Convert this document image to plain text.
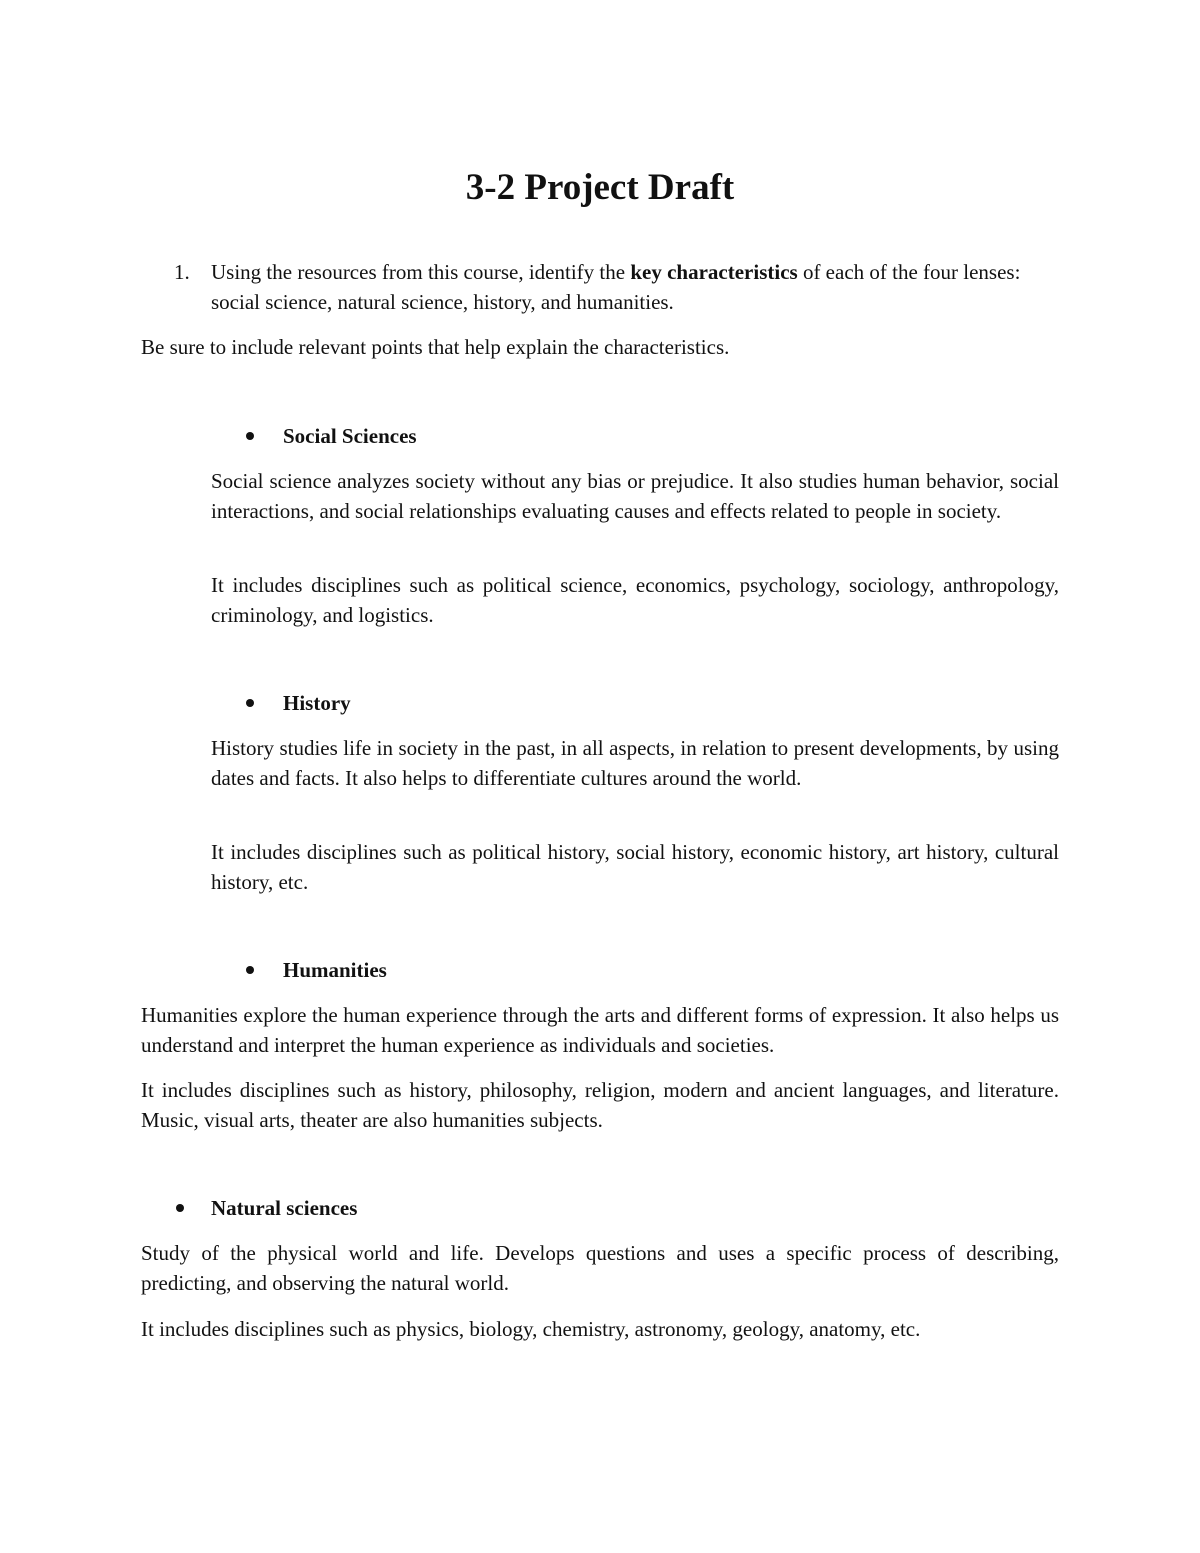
3-2 Project Draft
1. Using the resources from this course, identify the key characteristics of each of the four lenses: social science, natural science, history, and humanities.

Be sure to include relevant points that help explain the characteristics.

Social Sciences

Social science analyzes society without any bias or prejudice. It also studies human behavior, social interactions, and social relationships evaluating causes and effects related to people in society.

It includes disciplines such as political science, economics, psychology, sociology, anthropology, criminology, and logistics.

History

History studies life in society in the past, in all aspects, in relation to present developments, by using dates and facts. It also helps to differentiate cultures around the world.

It includes disciplines such as political history, social history, economic history, art history, cultural history, etc.

Humanities

Humanities explore the human experience through the arts and different forms of expression. It also helps us understand and interpret the human experience as individuals and societies.

It includes disciplines such as history, philosophy, religion, modern and ancient languages, and literature. Music, visual arts, theater are also humanities subjects.

Natural sciences

Study of the physical world and life. Develops questions and uses a specific process of describing, predicting, and observing the natural world.

It includes disciplines such as physics, biology, chemistry, astronomy, geology, anatomy, etc.
